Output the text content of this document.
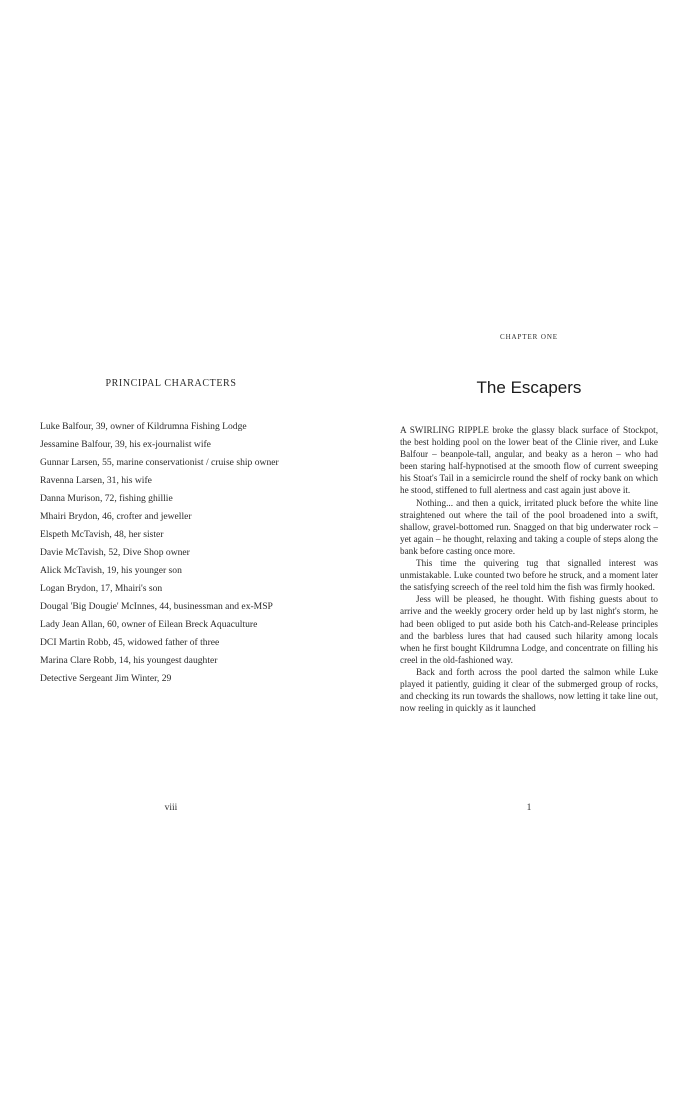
PRINCIPAL CHARACTERS
Luke Balfour, 39, owner of Kildrumna Fishing Lodge
Jessamine Balfour, 39, his ex-journalist wife
Gunnar Larsen, 55, marine conservationist / cruise ship owner
Ravenna Larsen, 31, his wife
Danna Murison, 72, fishing ghillie
Mhairi Brydon, 46, crofter and jeweller
Elspeth McTavish, 48, her sister
Davie McTavish, 52, Dive Shop owner
Alick McTavish, 19, his younger son
Logan Brydon, 17, Mhairi's son
Dougal 'Big Dougie' McInnes, 44, businessman and ex-MSP
Lady Jean Allan, 60, owner of Eilean Breck Aquaculture
DCI Martin Robb, 45, widowed father of three
Marina Clare Robb, 14, his youngest daughter
Detective Sergeant Jim Winter, 29
viii
CHAPTER ONE
The Escapers

A SWIRLING RIPPLE broke the glassy black surface of Stockpot, the best holding pool on the lower beat of the Clinie river, and Luke Balfour – beanpole-tall, angular, and beaky as a heron – who had been staring half-hypnotised at the smooth flow of current sweeping his Stoat's Tail in a semicircle round the shelf of rocky bank on which he stood, stiffened to full alertness and cast again just above it.

Nothing... and then a quick, irritated pluck before the white line straightened out where the tail of the pool broadened into a swift, shallow, gravel-bottomed run. Snagged on that big underwater rock – yet again – he thought, relaxing and taking a couple of steps along the bank before casting once more.

This time the quivering tug that signalled interest was unmistakable. Luke counted two before he struck, and a moment later the satisfying screech of the reel told him the fish was firmly hooked.

Jess will be pleased, he thought. With fishing guests about to arrive and the weekly grocery order held up by last night's storm, he had been obliged to put aside both his Catch-and-Release principles and the barbless lures that had caused such hilarity among locals when he first bought Kildrumna Lodge, and concentrate on filling his creel in the old-fashioned way.

Back and forth across the pool darted the salmon while Luke played it patiently, guiding it clear of the submerged group of rocks, and checking its run towards the shallows, now letting it take line out, now reeling in quickly as it launched

1
